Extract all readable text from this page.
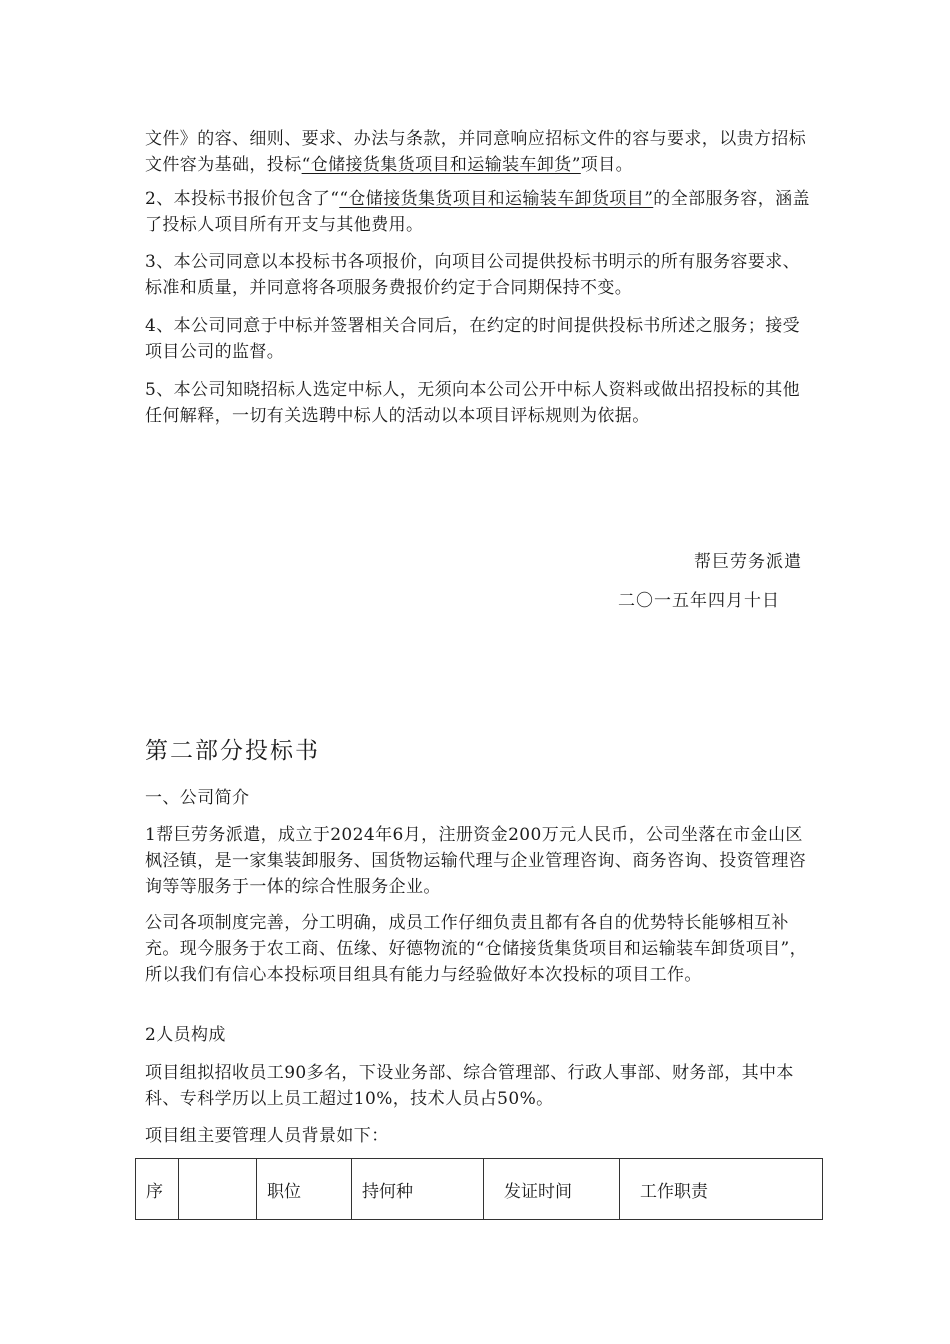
文件》的容、细则、要求、办法与条款，并同意响应招标文件的容与要求，以贵方招标文件容为基础，投标“仓储接货集货项目和运输装车卸货”项目。

2、本投标书报价包含了““仓储接货集货项目和运输装车卸货项目”的全部服务容，涵盖了投标人项目所有开支与其他费用。

3、本公司同意以本投标书各项报价，向项目公司提供投标书明示的所有服务容要求、标准和质量，并同意将各项服务费报价约定于合同期保持不变。

4、本公司同意于中标并签署相关合同后，在约定的时间提供投标书所述之服务；接受项目公司的监督。

5、本公司知晓招标人选定中标人，无须向本公司公开中标人资料或做出招投标的其他任何解释，一切有关选聘中标人的活动以本项目评标规则为依据。

帮巨劳务派遣

二〇一五年四月十日

第二部分投标书

一、公司简介

1帮巨劳务派遣，成立于2024年6月，注册资金200万元人民币，公司坐落在市金山区枫泾镇，是一家集装卸服务、国货物运输代理与企业管理咨询、商务咨询、投资管理咨询等等服务于一体的综合性服务企业。

公司各项制度完善，分工明确，成员工作仔细负责且都有各自的优势特长能够相互补充。现今服务于农工商、伍缘、好德物流的“仓储接货集货项目和运输装车卸货项目”，所以我们有信心本投标项目组具有能力与经验做好本次投标的项目工作。

2人员构成

项目组拟招收员工90多名，下设业务部、综合管理部、行政人事部、财务部，其中本科、专科学历以上员工超过10%，技术人员占50%。

项目组主要管理人员背景如下：

序		职位	持何种	发证时间	工作职责
